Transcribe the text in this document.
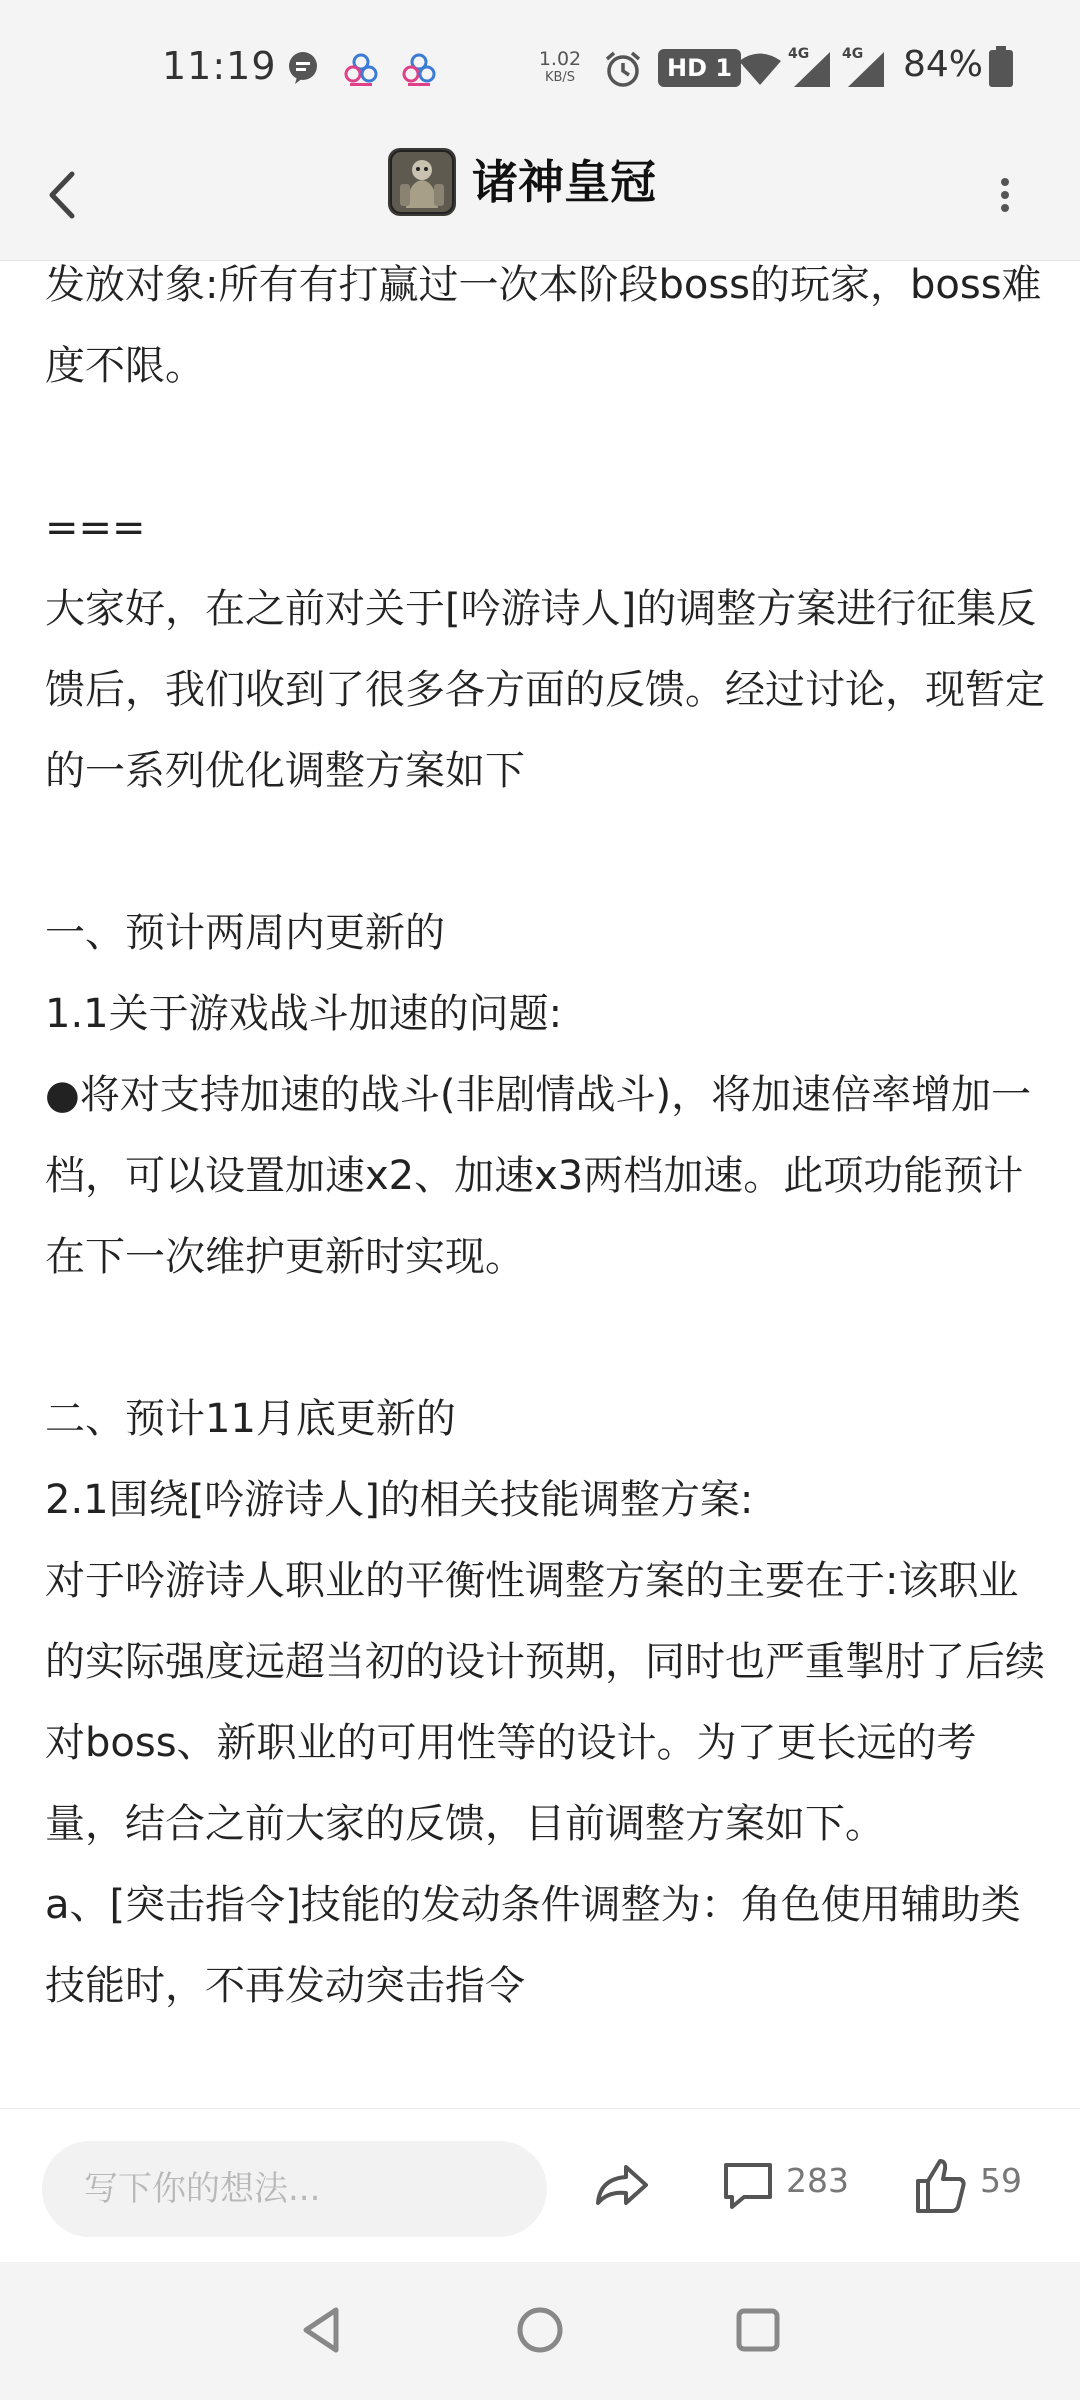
11:19	1.02
KB/S	HD 1	4G 4G 84%
诸神皇冠
发放对象:所有有打赢过一次本阶段boss的玩家，boss难度不限。
===
大家好，在之前对关于[吟游诗人]的调整方案进行征集反馈后，我们收到了很多各方面的反馈。经过讨论，现暂定的一系列优化调整方案如下
一、预计两周内更新的
1.1关于游戏战斗加速的问题:
●将对支持加速的战斗(非剧情战斗)，将加速倍率增加一档，可以设置加速x2、加速x3两档加速。此项功能预计在下一次维护更新时实现。
二、预计11月底更新的
2.1围绕[吟游诗人]的相关技能调整方案:
对于吟游诗人职业的平衡性调整方案的主要在于:该职业的实际强度远超当初的设计预期，同时也严重掣肘了后续对boss、新职业的可用性等的设计。为了更长远的考量，结合之前大家的反馈，目前调整方案如下。
a、[突击指令]技能的发动条件调整为：角色使用辅助类技能时，不再发动突击指令
写下你的想法...	283	59
